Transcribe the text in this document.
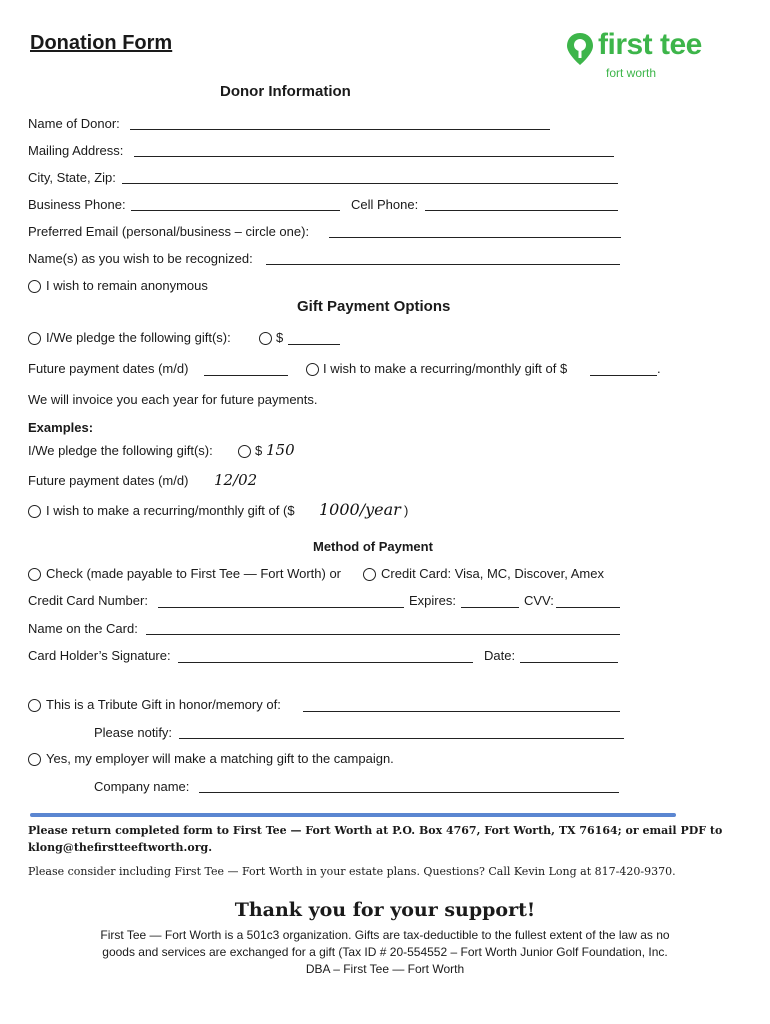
Donation Form	first tee
fort worth
Donor Information
Name of Donor:
Mailing Address:
City, State, Zip:
Business Phone:	Cell Phone:
Preferred Email (personal/business – circle one):
Name(s) as you wish to be recognized:
I wish to remain anonymous
Gift Payment Options
I/We pledge the following gift(s):	$
Future payment dates (m/d)	I wish to make a recurring/monthly gift of $	.
We will invoice you each year for future payments.
Examples:
I/We pledge the following gift(s):	$ 150
Future payment dates (m/d) 12/02
I wish to make a recurring/monthly gift of ($ 1000/year )
Method of Payment
Check (made payable to First Tee — Fort Worth) or	Credit Card: Visa, MC, Discover, Amex
Credit Card Number:	Expires:	CVV:
Name on the Card:
Card Holder’s Signature:	Date:
This is a Tribute Gift in honor/memory of:
Please notify:
Yes, my employer will make a matching gift to the campaign.
Company name:
Please return completed form to First Tee — Fort Worth at P.O. Box 4767, Fort Worth, TX 76164; or email PDF to
klong@thefirstteeftworth.org.
Please consider including First Tee — Fort Worth in your estate plans. Questions? Call Kevin Long at 817-420-9370.
Thank you for your support!
First Tee — Fort Worth is a 501c3 organization. Gifts are tax-deductible to the fullest extent of the law as no
goods and services are exchanged for a gift (Tax ID # 20-554552 – Fort Worth Junior Golf Foundation, Inc.
DBA – First Tee — Fort Worth
